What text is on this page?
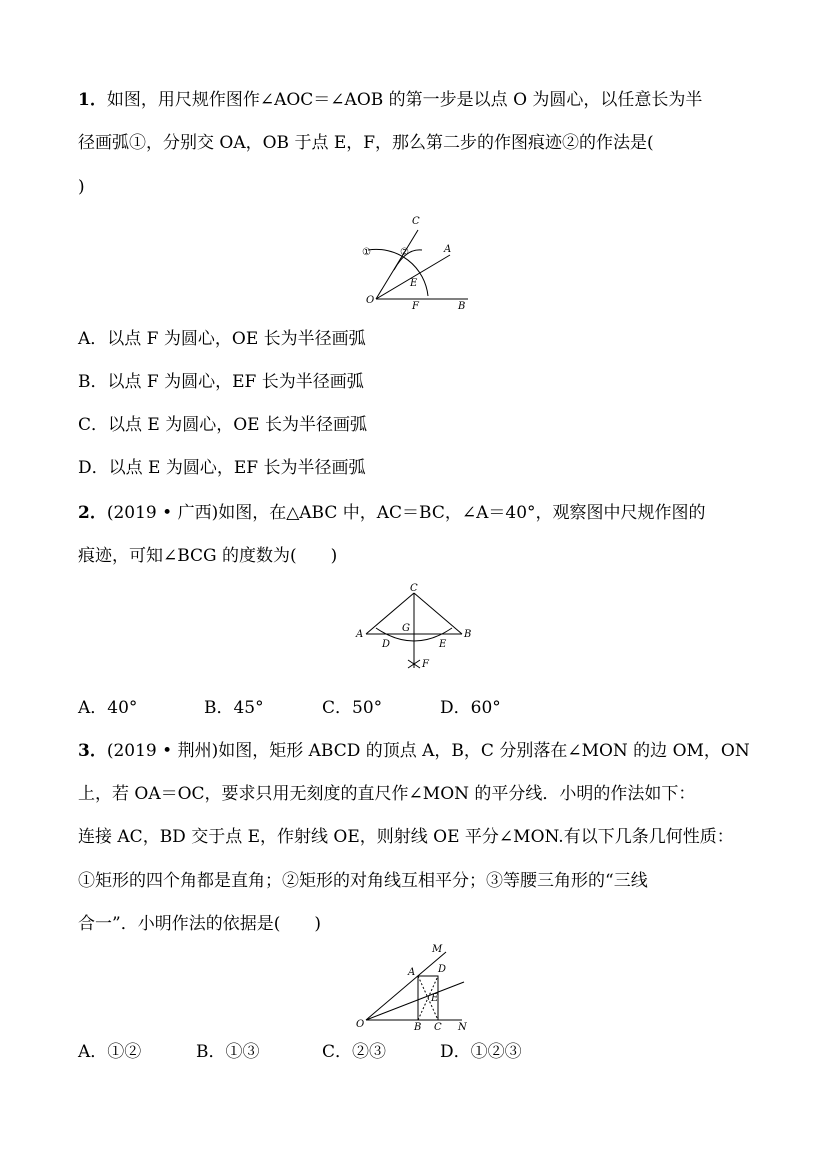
1．如图，用尺规作图作∠AOC＝∠AOB 的第一步是以点 O 为圆心，以任意长为半
径画弧①，分别交 OA，OB 于点 E，F，那么第二步的作图痕迹②的作法是(
)
C
①	②	A
E
O
F	B
A．以点 F 为圆心，OE 长为半径画弧
B．以点 F 为圆心，EF 长为半径画弧
C．以点 E 为圆心，OE 长为半径画弧
D．以点 E 为圆心，EF 长为半径画弧
2．(2019 • 广西)如图，在△ABC 中，AC＝BC，∠A＝40°，观察图中尺规作图的
痕迹，可知∠BCG 的度数为(　　)
C
G
A	B
D	E
F
A．40°	B．45°	C．50°	D．60°
3．(2019 • 荆州)如图，矩形 ABCD 的顶点 A，B，C 分别落在∠MON 的边 OM，ON
上，若 OA＝OC，要求只用无刻度的直尺作∠MON 的平分线．小明的作法如下：
连接 AC，BD 交于点 E，作射线 OE，则射线 OE 平分∠MON.有以下几条几何性质：
①矩形的四个角都是直角；②矩形的对角线互相平分；③等腰三角形的“三线
合一”．小明作法的依据是(　　)
M
A D
E
O	B C N
A．①②	B．①③	C．②③	D．①②③
